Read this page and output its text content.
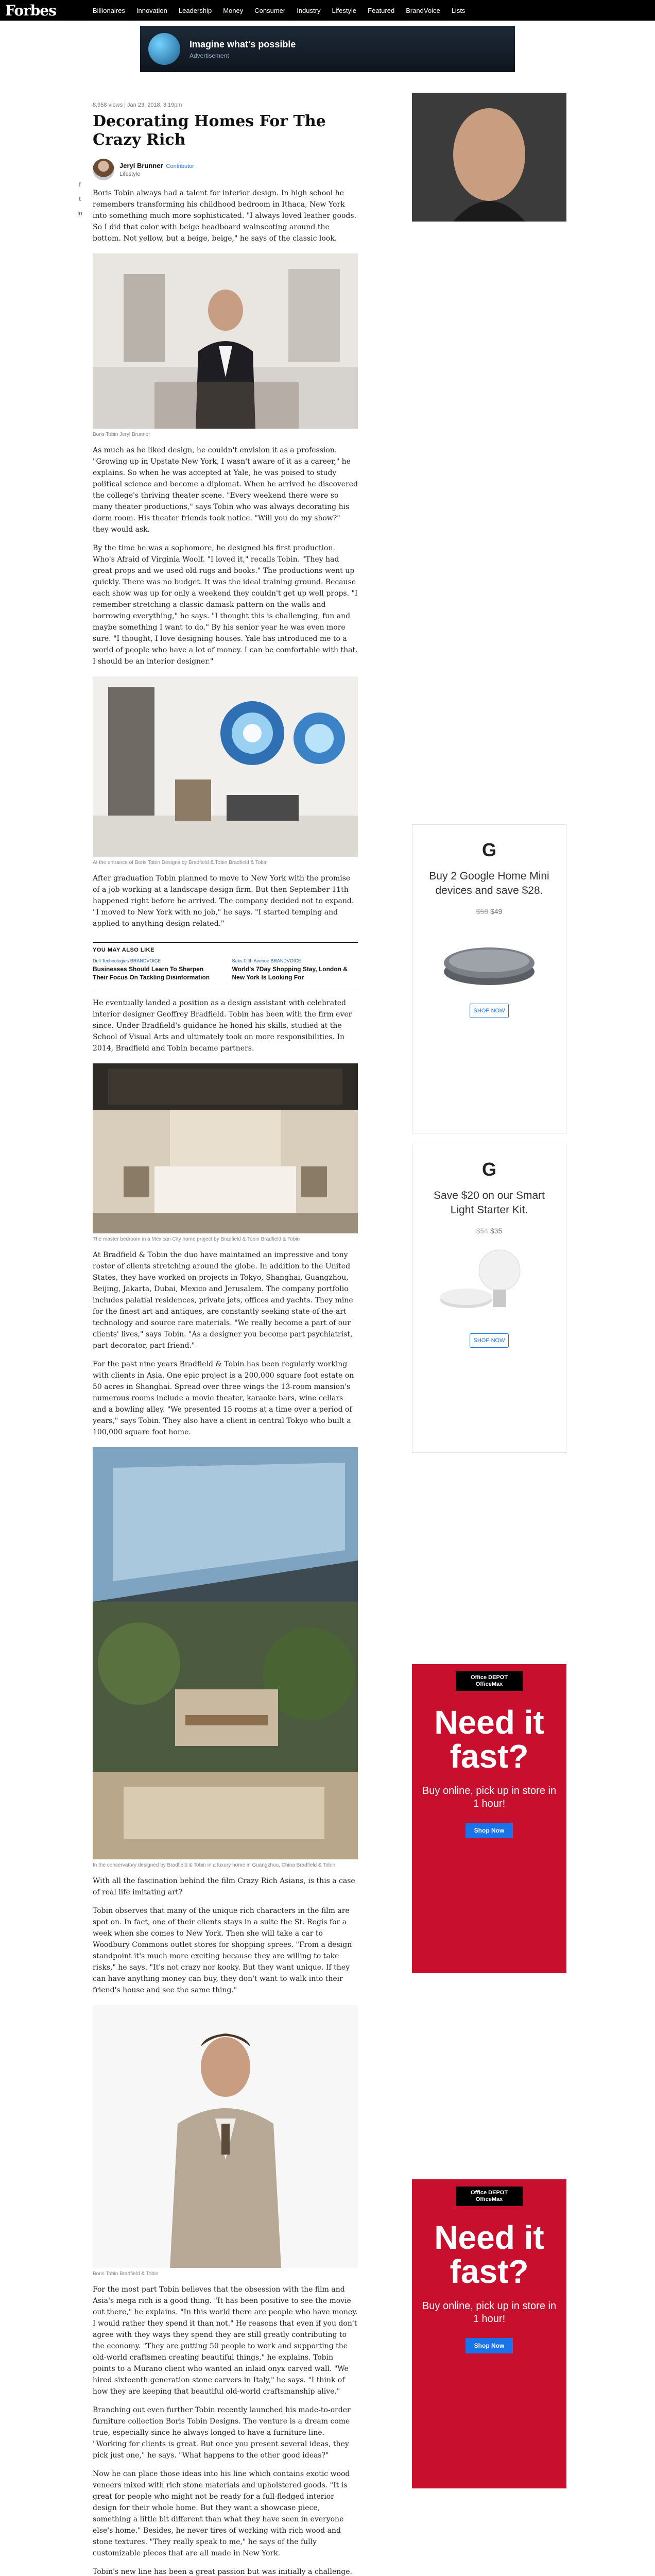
Forbes	Billionaires Innovation Leadership Money Consumer Industry Lifestyle Featured BrandVoice Lists
Imagine what's possible
Advertisement
f
t
in
8,958 views | Jan 23, 2018, 3:19pm
Decorating Homes For The Crazy Rich
Jeryl Brunner Contributor
Lifestyle

Boris Tobin always had a talent for interior design. In high school he remembers transforming his childhood bedroom in Ithaca, New York into something much more sophisticated. "I always loved leather goods. So I did that color with beige headboard wainscoting around the bottom. Not yellow, but a beige, beige," he says of the classic look.

Boris Tobin Jeryl Brunner

As much as he liked design, he couldn't envision it as a profession. "Growing up in Upstate New York, I wasn't aware of it as a career," he explains. So when he was accepted at Yale, he was poised to study political science and become a diplomat. When he arrived he discovered the college's thriving theater scene. "Every weekend there were so many theater productions," says Tobin who was always decorating his dorm room. His theater friends took notice. "Will you do my show?" they would ask.

By the time he was a sophomore, he designed his first production. Who's Afraid of Virginia Woolf. "I loved it," recalls Tobin. "They had great props and we used old rugs and books." The productions went up quickly. There was no budget. It was the ideal training ground. Because each show was up for only a weekend they couldn't get up well props. "I remember stretching a classic damask pattern on the walls and borrowing everything," he says. "I thought this is challenging, fun and maybe something I want to do." By his senior year he was even more sure. "I thought, I love designing houses. Yale has introduced me to a world of people who have a lot of money. I can be comfortable with that. I should be an interior designer."

At the entrance of Boris Tobin Designs by Bradfield & Tobin Bradfield & Tobin

After graduation Tobin planned to move to New York with the promise of a job working at a landscape design firm. But then September 11th happened right before he arrived. The company decided not to expand. "I moved to New York with no job," he says. "I started temping and applied to anything design-related."

YOU MAY ALSO LIKE
Dell Technologies BRANDVOICE
Businesses Should Learn To Sharpen Their Focus On Tackling Disinformation
Saks Fifth Avenue BRANDVOICE
World's 7Day Shopping Stay, London & New York Is Looking For

He eventually landed a position as a design assistant with celebrated interior designer Geoffrey Bradfield. Tobin has been with the firm ever since. Under Bradfield's guidance he honed his skills, studied at the School of Visual Arts and ultimately took on more responsibilities. In 2014, Bradfield and Tobin became partners.

The master bedroom in a Mexican City home project by Bradfield & Tobin Bradfield & Tobin

At Bradfield & Tobin the duo have maintained an impressive and tony roster of clients stretching around the globe. In addition to the United States, they have worked on projects in Tokyo, Shanghai, Guangzhou, Beijing, Jakarta, Dubai, Mexico and Jerusalem. The company portfolio includes palatial residences, private jets, offices and yachts. They mine for the finest art and antiques, are constantly seeking state-of-the-art technology and source rare materials. "We really become a part of our clients' lives," says Tobin. "As a designer you become part psychiatrist, part decorator, part friend."

For the past nine years Bradfield & Tobin has been regularly working with clients in Asia. One epic project is a 200,000 square foot estate on 50 acres in Shanghai. Spread over three wings the 13-room mansion's numerous rooms include a movie theater, karaoke bars, wine cellars and a bowling alley. "We presented 15 rooms at a time over a period of years," says Tobin. They also have a client in central Tokyo who built a 100,000 square foot home.

In the conservatory designed by Bradfield & Tobin in a luxury home in Guangzhou, China Bradfield & Tobin

With all the fascination behind the film Crazy Rich Asians, is this a case of real life imitating art?

Tobin observes that many of the unique rich characters in the film are spot on. In fact, one of their clients stays in a suite the St. Regis for a week when she comes to New York. Then she will take a car to Woodbury Commons outlet stores for shopping sprees. "From a design standpoint it's much more exciting because they are willing to take risks," he says. "It's not crazy nor kooky. But they want unique. If they can have anything money can buy, they don't want to walk into their friend's house and see the same thing."

Boris Tobin Bradfield & Tobin

For the most part Tobin believes that the obsession with the film and Asia's mega rich is a good thing. "It has been positive to see the movie out there," he explains. "In this world there are people who have money. I would rather they spend it than not." He reasons that even if you don't agree with they ways they spend they are still greatly contributing to the economy. "They are putting 50 people to work and supporting the old-world craftsmen creating beautiful things," he explains. Tobin points to a Murano client who wanted an inlaid onyx carved wall. "We hired sixteenth generation stone carvers in Italy," he says. "I think of how they are keeping that beautiful old-world craftsmanship alive."

Branching out even further Tobin recently launched his made-to-order furniture collection Boris Tobin Designs. The venture is a dream come true, especially since he always longed to have a furniture line. "Working for clients is great. But once you present several ideas, they pick just one," he says. "What happens to the other good ideas?"

Now he can place those ideas into his line which contains exotic wood veneers mixed with rich stone materials and upholstered goods. "It is great for people who might not be ready for a full-fledged interior design for their whole home. But they want a showcase piece, something a little bit different than what they have seen in everyone else's home." Besides, he never tires of working with rich wood and stone textures. "They really speak to me," he says of the fully customizable pieces that are all made in New York.

Tobin's new line has been a great passion but was initially a challenge.

G
Buy 2 Google Home Mini devices and save $28.
$58 $49
SHOP NOW
G
Save $20 on our Smart Light Starter Kit.
$54 $35
SHOP NOW
Office DEPOT OfficeMax
Need it fast?
Buy online, pick up in store in 1 hour!
Shop Now
Office DEPOT OfficeMax
Need it fast?
Buy online, pick up in store in 1 hour!
Shop Now
